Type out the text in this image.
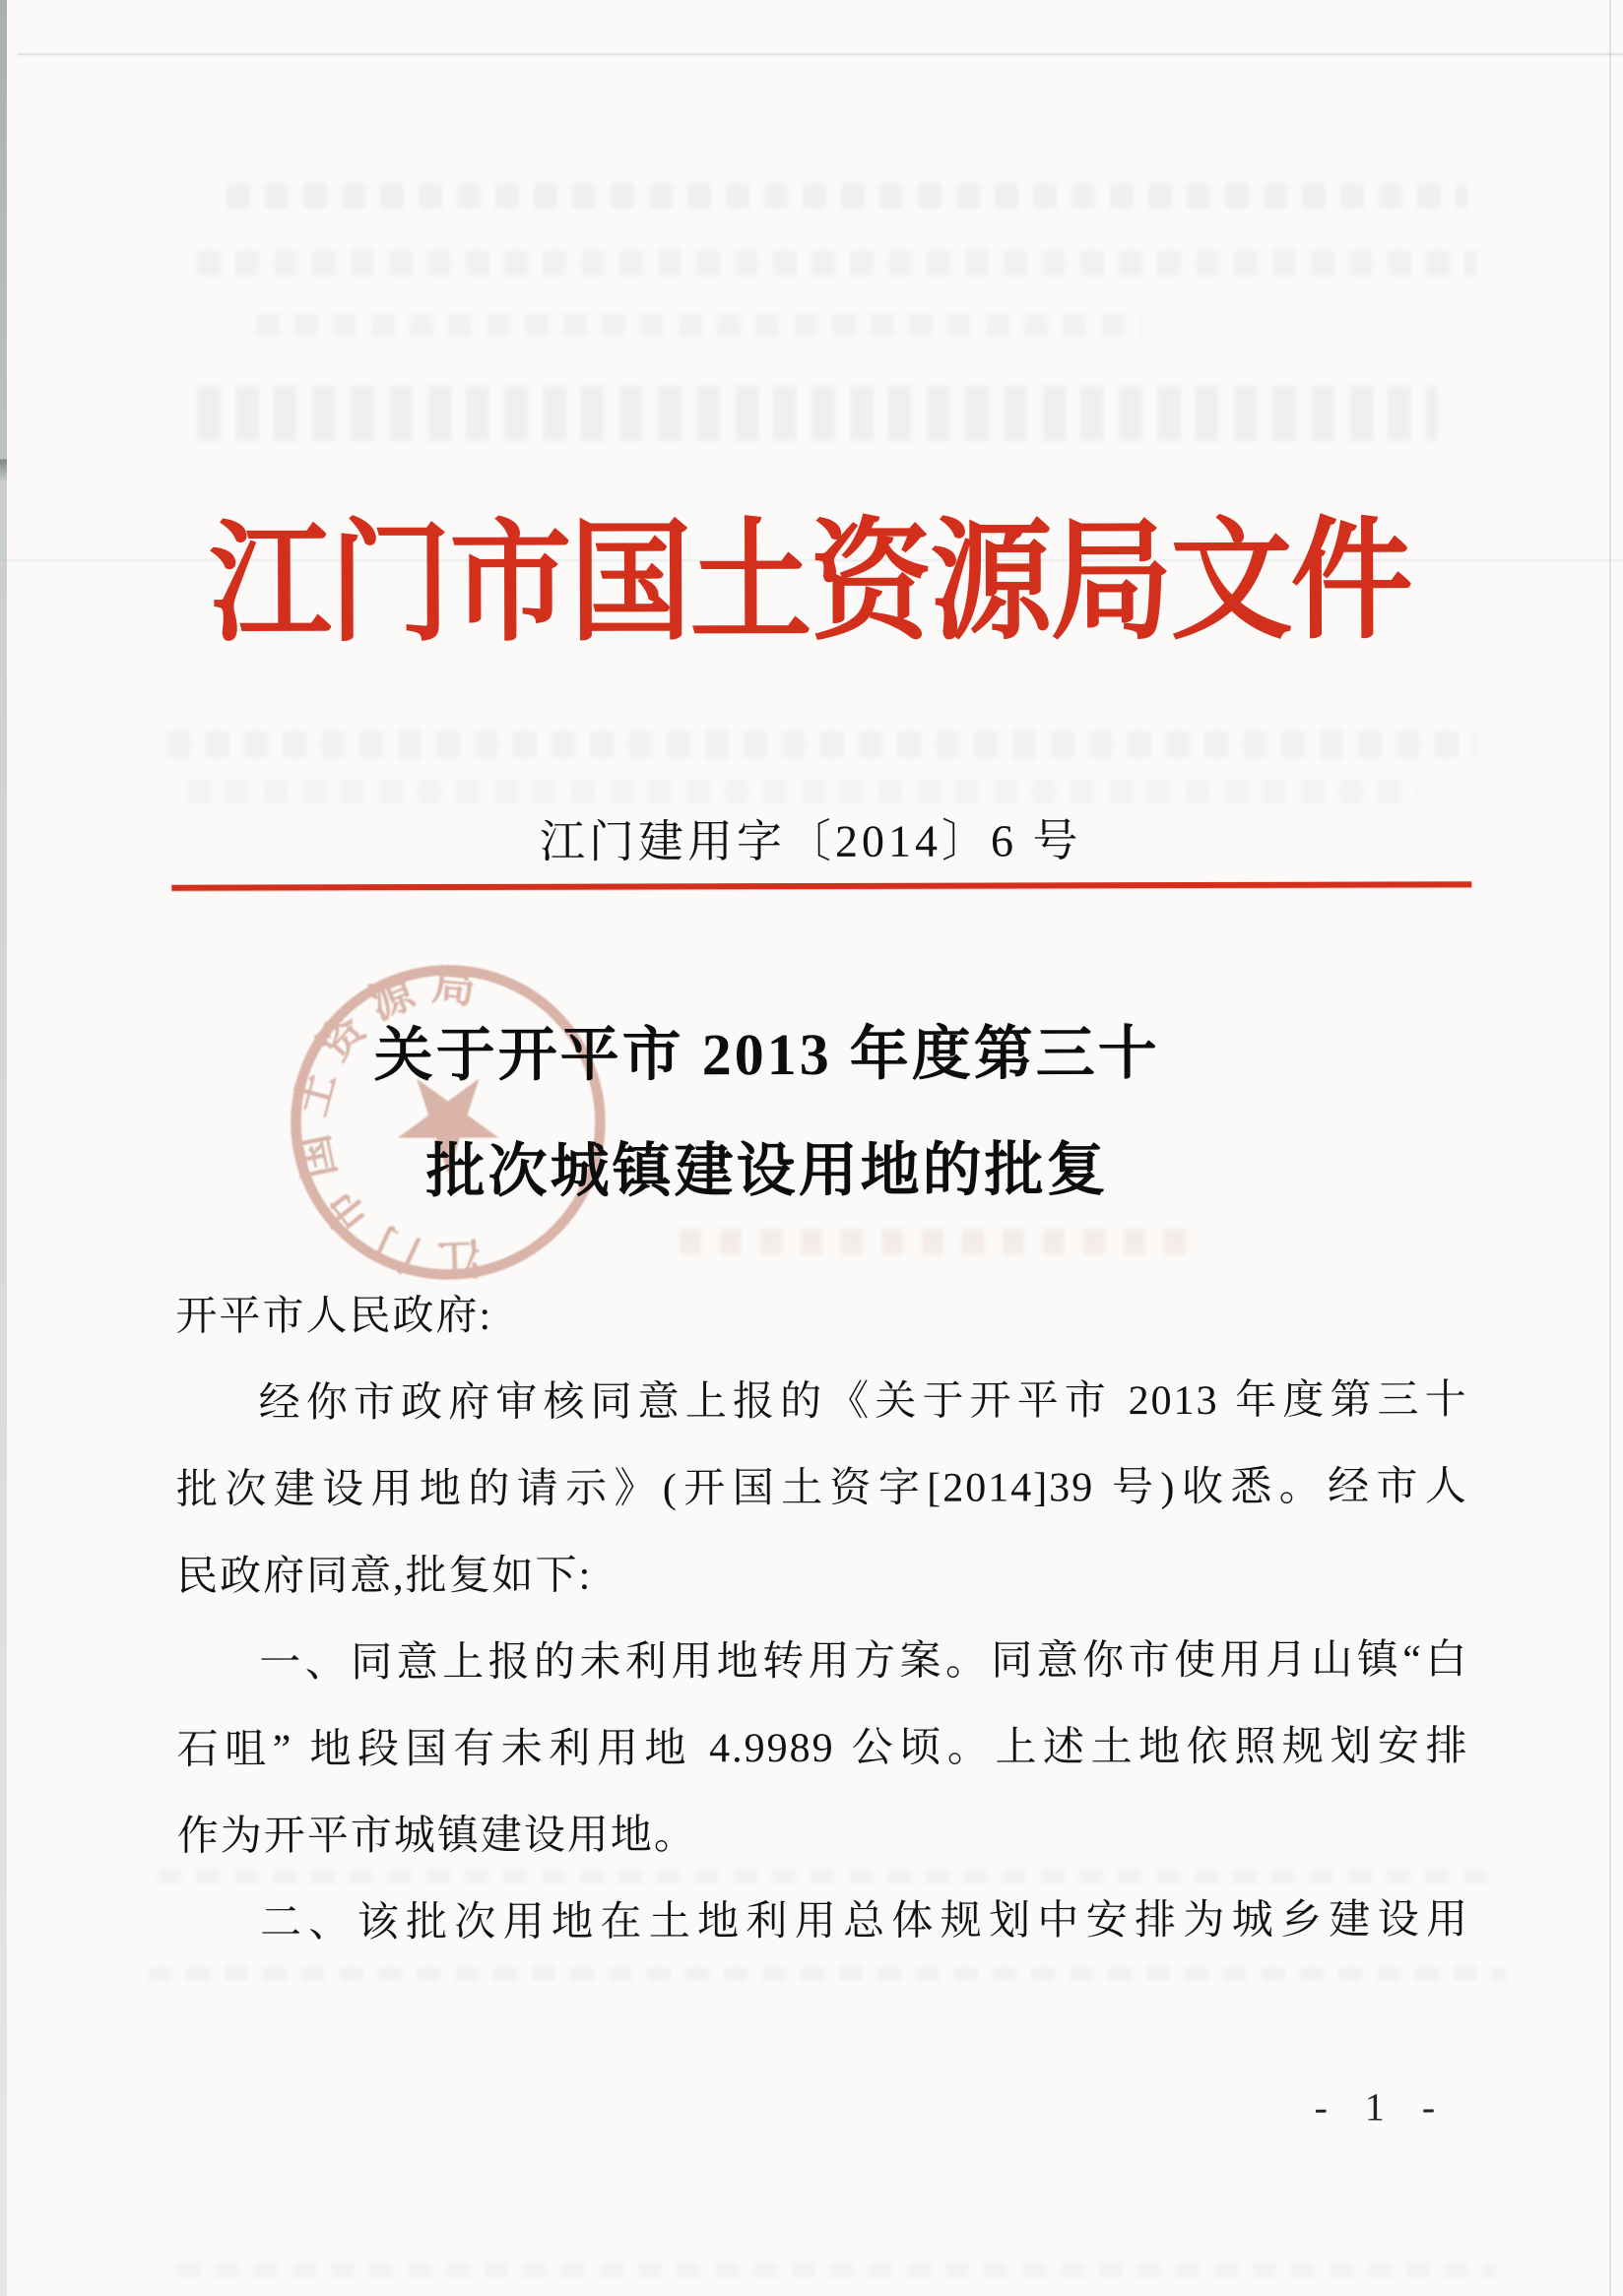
江门市国土资源局文件
江门建用字〔2014〕6 号
江门市国土资源局
★
关于开平市 2013 年度第三十
批次城镇建设用地的批复
开平市人民政府:
经你市政府审核同意上报的《关于开平市 2013 年度第三十
批次建设用地的请示》(开国土资字[2014]39 号)收悉。经市人
民政府同意,批复如下:
一、同意上报的未利用地转用方案。同意你市使用月山镇“白
石咀” 地段国有未利用地 4.9989 公顷。上述土地依照规划安排
作为开平市城镇建设用地。
二、该批次用地在土地利用总体规划中安排为城乡建设用
- 1 -
